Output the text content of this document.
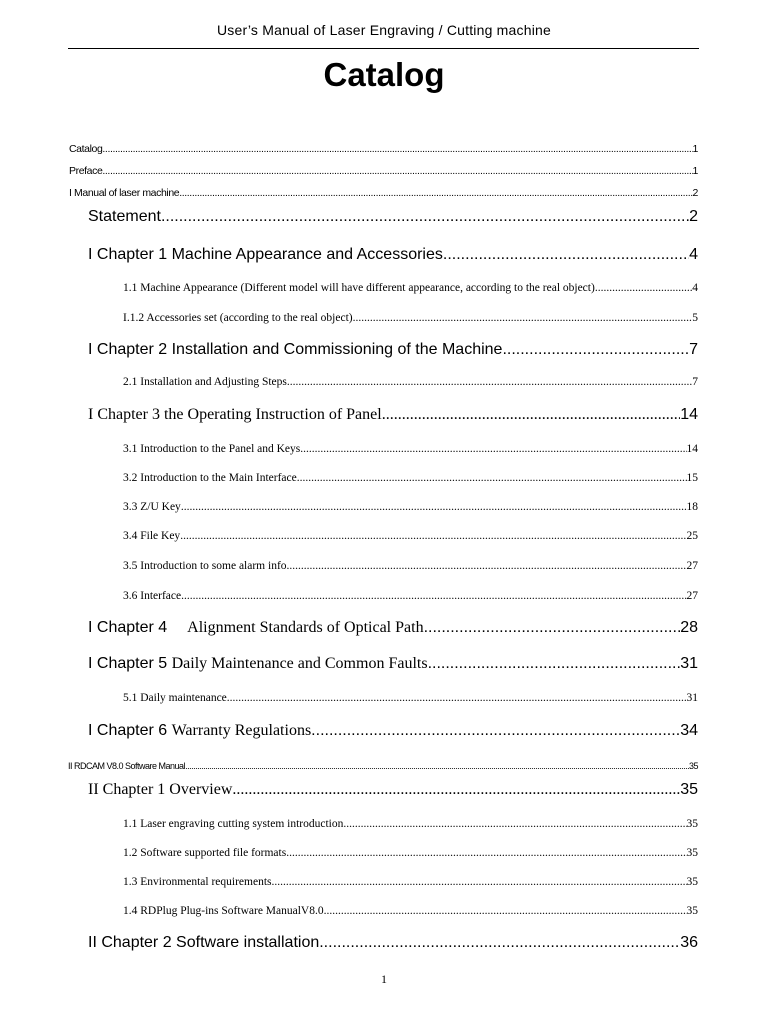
User’s Manual of Laser Engraving / Cutting machine
Catalog
Catalog .....	1
Preface .....	1
I Manual of laser machine .....	2
Statement .....	2
I Chapter 1 Machine Appearance and Accessories .....	4
1.1 Machine Appearance (Different model will have different appearance, according to the real object) .....	4
I.1.2 Accessories set (according to the real object) .....	5
I Chapter 2 Installation and Commissioning of the Machine .....	7
2.1 Installation and Adjusting Steps .....	7
I Chapter 3 the Operating Instruction of Panel .....	14
3.1 Introduction to the Panel and Keys .....	14
3.2 Introduction to the Main Interface .....	15
3.3 Z/U Key .....	18
3.4 File Key .....	25
3.5 Introduction to some alarm info .....	27
3.6 Interface .....	27
I Chapter 4 Alignment Standards of Optical Path .....	28
I Chapter 5 Daily Maintenance and Common Faults .....	31
5.1 Daily maintenance .....	31
I Chapter 6 Warranty Regulations .....	34
II RDCAM V8.0 Software Manual .....	35
II Chapter 1 Overview .....	35
1.1 Laser engraving cutting system introduction .....	35
1.2 Software supported file formats .....	35
1.3 Environmental requirements .....	35
1.4 RDPlug Plug-ins Software ManualV8.0 .....	35
II Chapter 2 Software installation .....	36
1
